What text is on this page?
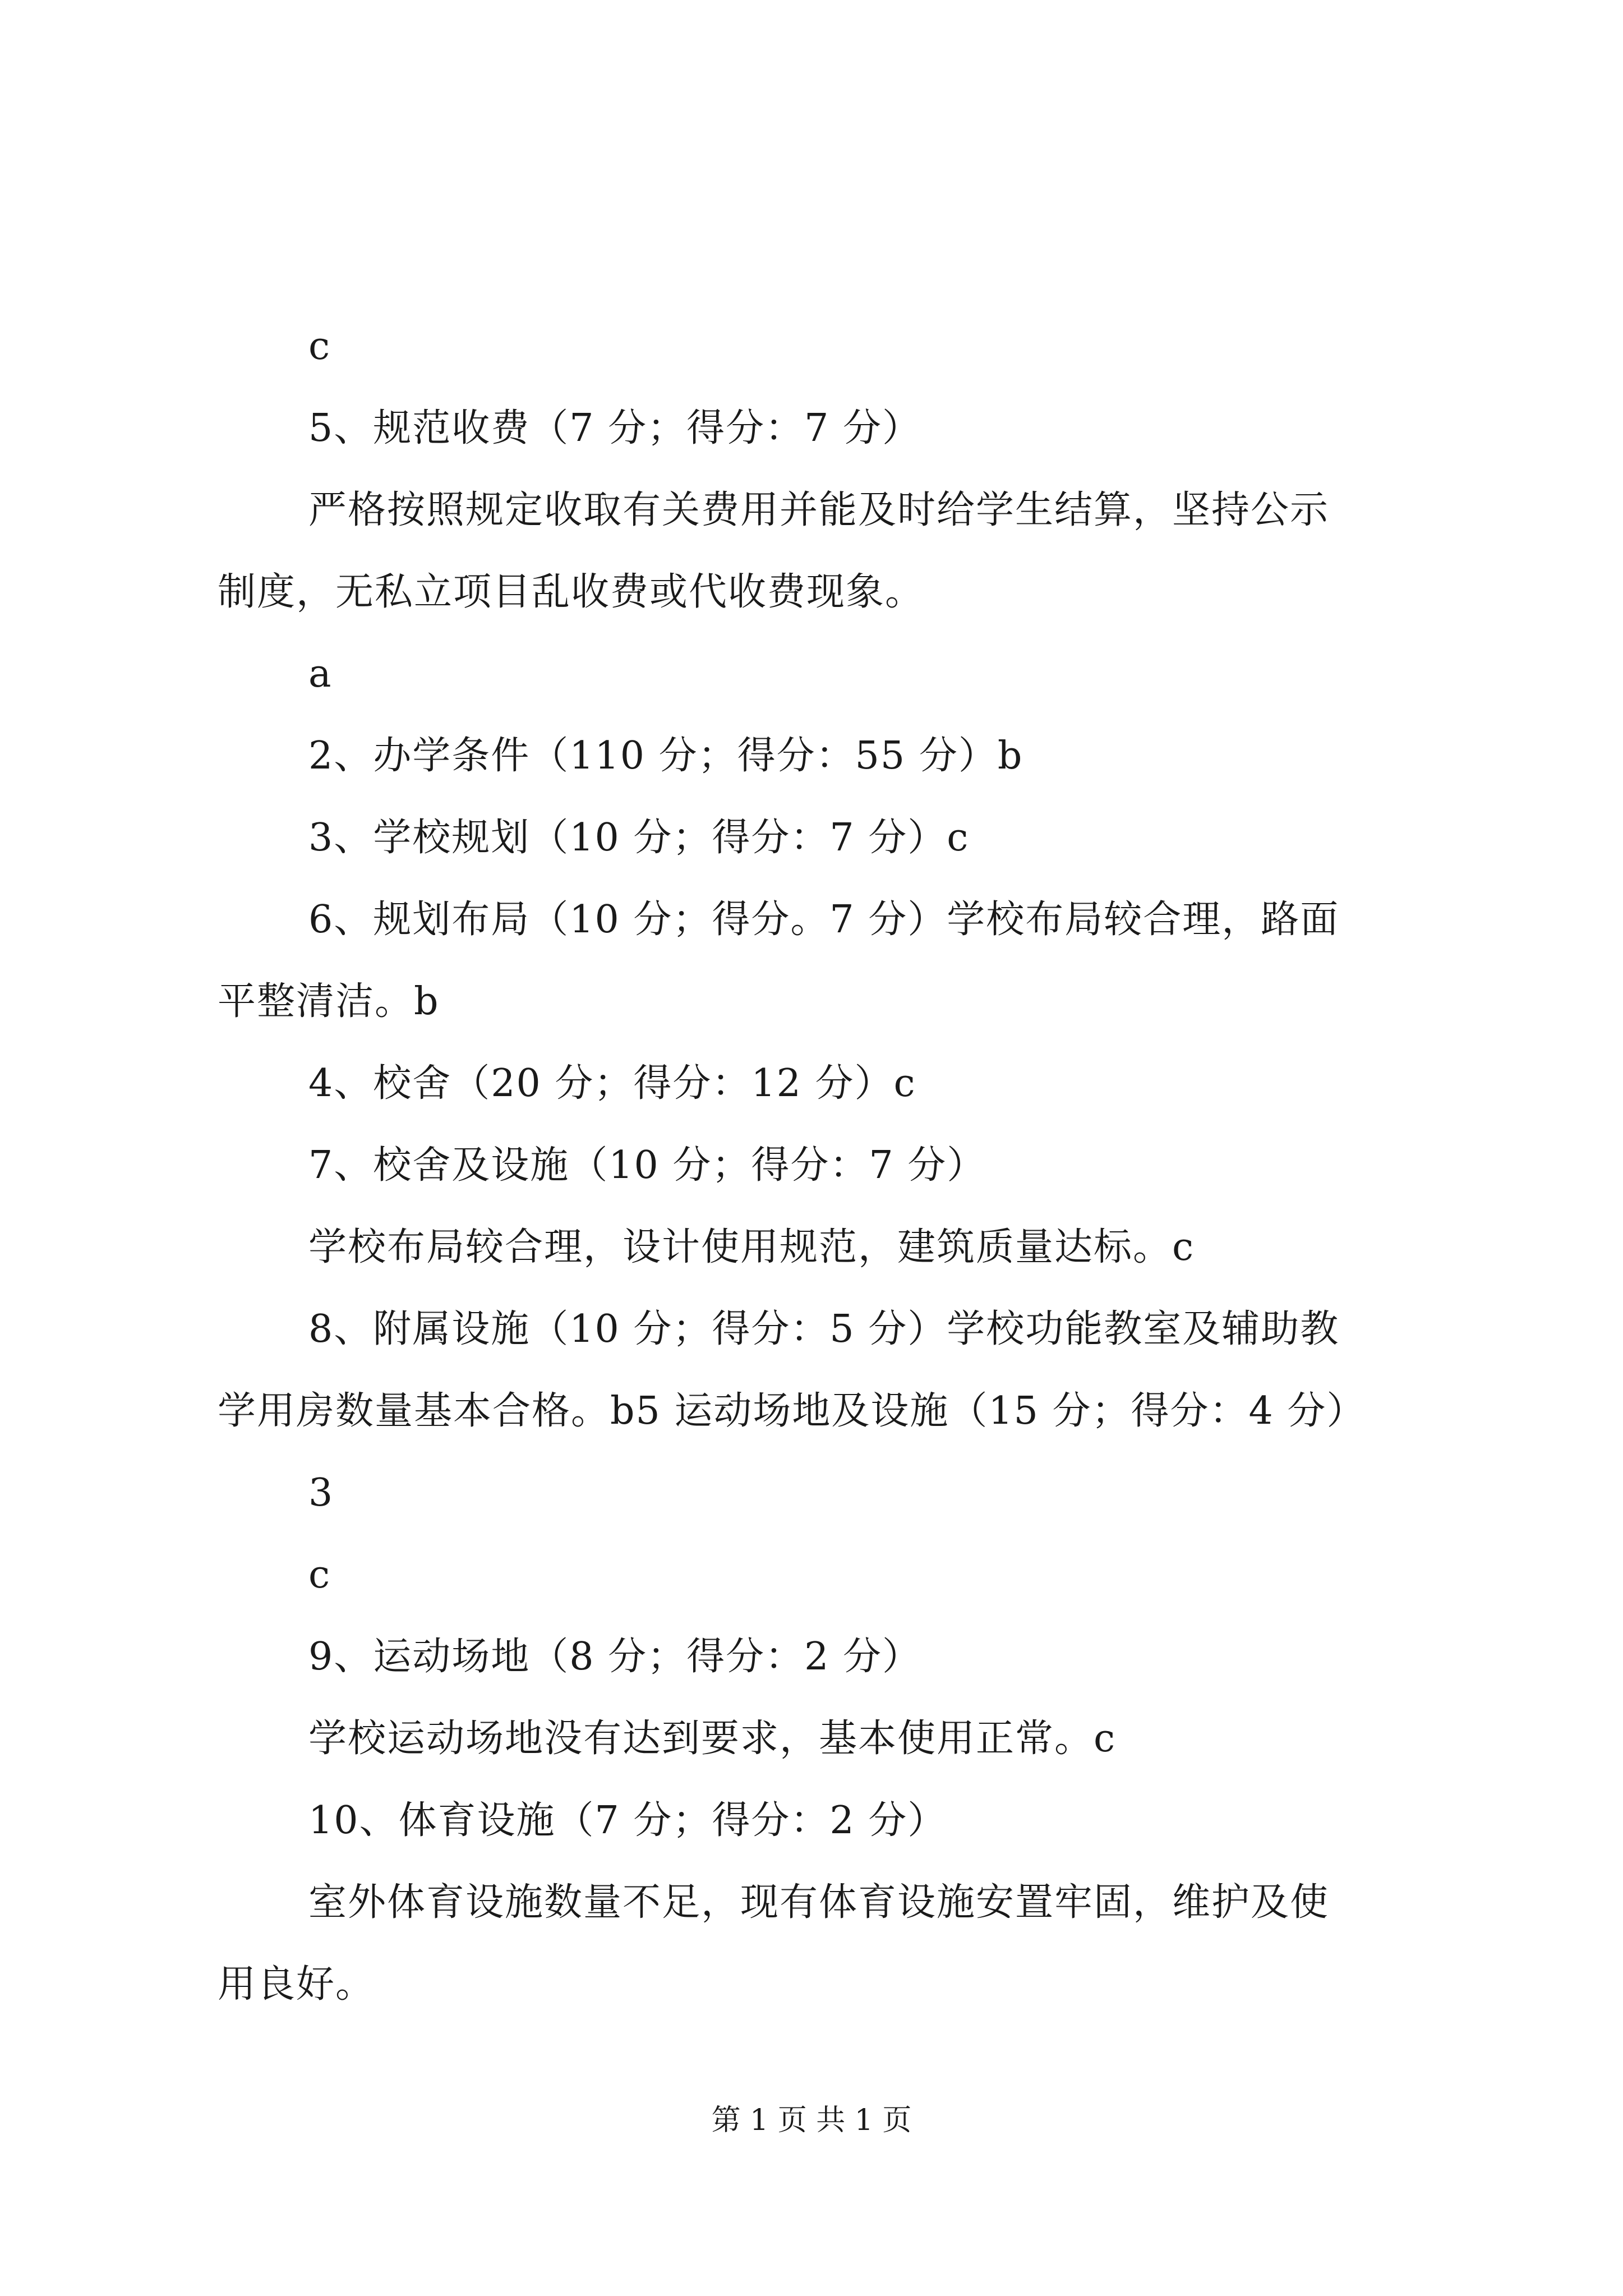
c
5、规范收费（7 分；得分：7 分）
严格按照规定收取有关费用并能及时给学生结算，坚持公示
制度，无私立项目乱收费或代收费现象。
a
2、办学条件（110 分；得分：55 分）b
3、学校规划（10 分；得分：7 分）c
6、规划布局（10 分；得分。7 分）学校布局较合理，路面
平整清洁。b
4、校舍（20 分；得分：12 分）c
7、校舍及设施（10 分；得分：7 分）
学校布局较合理，设计使用规范，建筑质量达标。c
8、附属设施（10 分；得分：5 分）学校功能教室及辅助教
学用房数量基本合格。b5 运动场地及设施（15 分；得分：4 分）
3
c
9、运动场地（8 分；得分：2 分）
学校运动场地没有达到要求，基本使用正常。c
10、体育设施（7 分；得分：2 分）
室外体育设施数量不足，现有体育设施安置牢固，维护及使
用良好。
第 1 页 共 1 页
